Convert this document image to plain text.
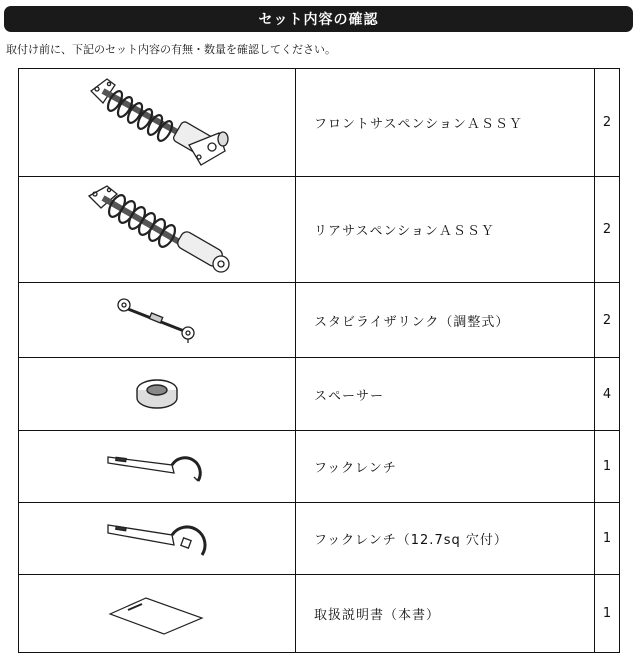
セット内容の確認
取付け前に、下記のセット内容の有無・数量を確認してください。
	フロントサスペンションＡＳＳＹ	2

	リアサスペンションＡＳＳＹ	2

	スタビライザリンク（調整式）	2

	スペーサー	4

	フックレンチ	1

	フックレンチ（12.7sq 穴付）	1

	取扱説明書（本書）	1
